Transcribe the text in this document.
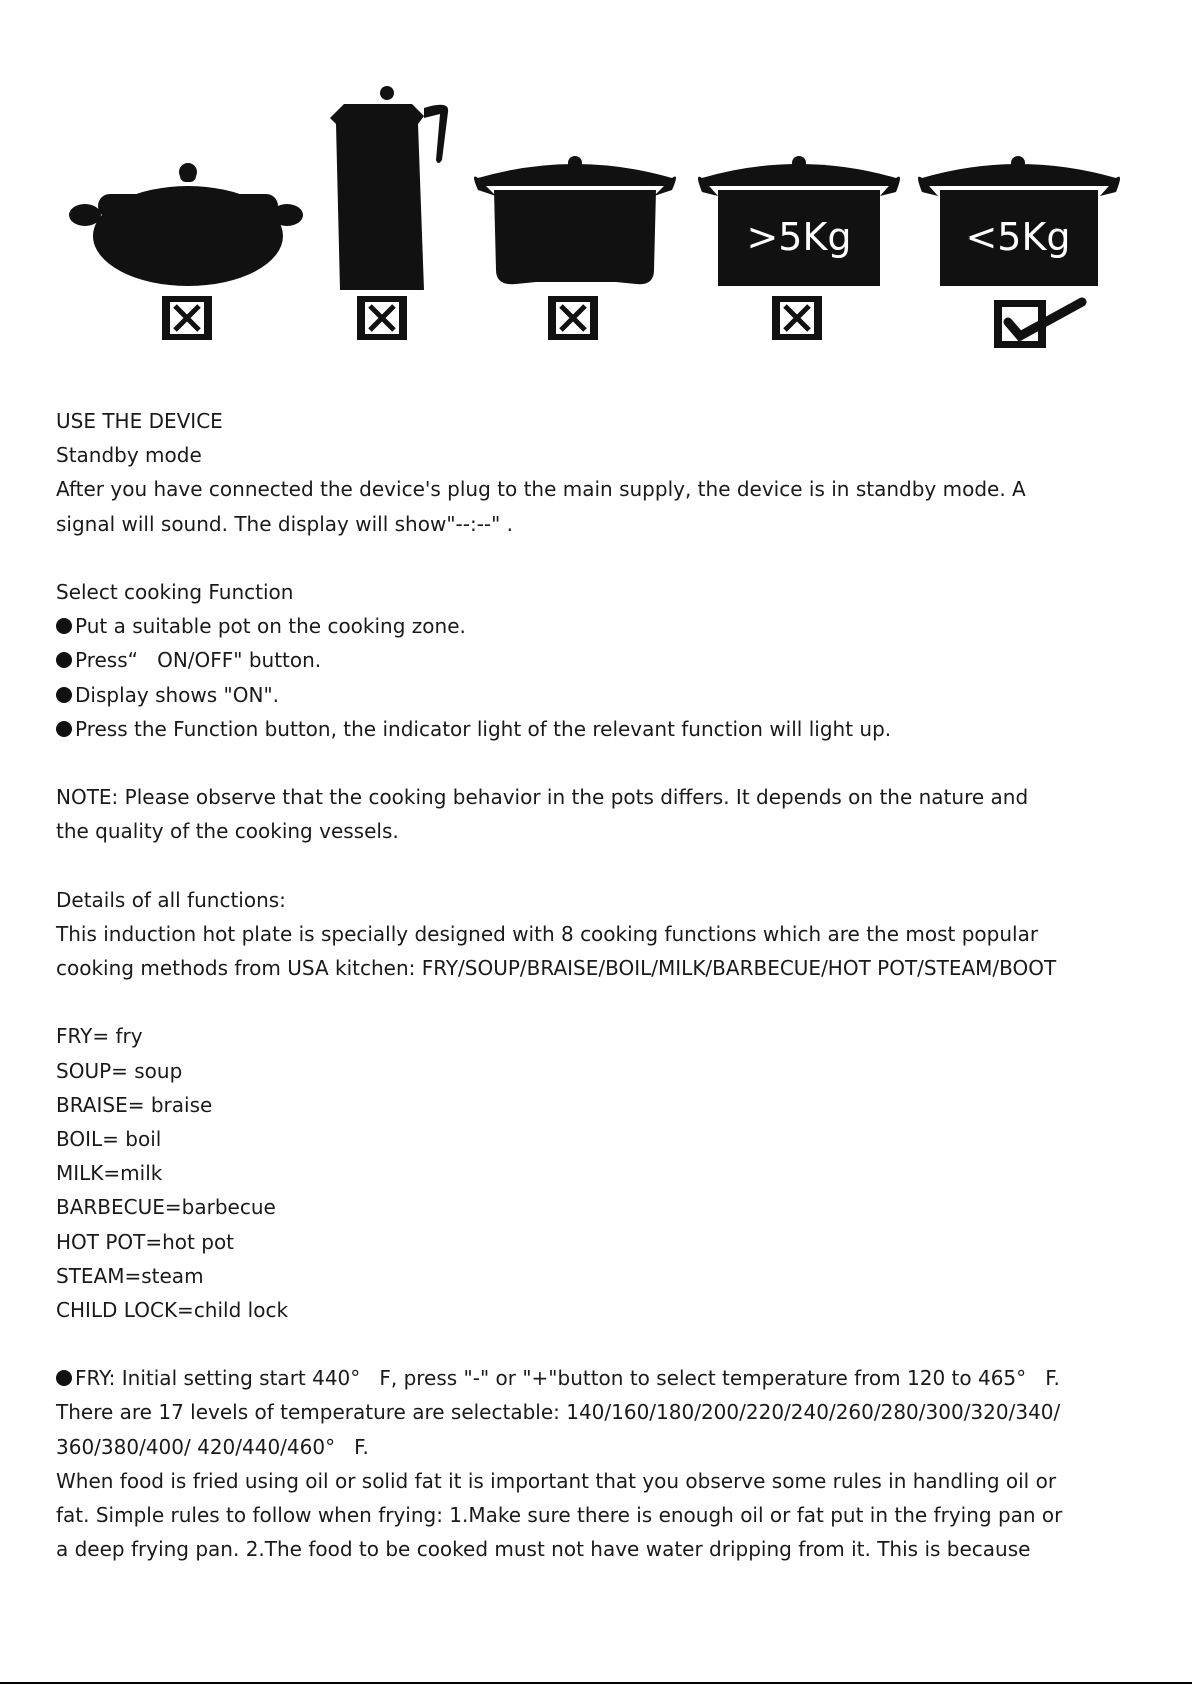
>5Kg	<5Kg
USE THE DEVICE
Standby mode
After you have connected the device's plug to the main supply, the device is in standby mode. A
signal will sound. The display will show"--:--" .
Select cooking Function
Put a suitable pot on the cooking zone.
Press“   ON/OFF" button.
Display shows "ON".
Press the Function button, the indicator light of the relevant function will light up.
NOTE: Please observe that the cooking behavior in the pots differs. It depends on the nature and
the quality of the cooking vessels.
Details of all functions:
This induction hot plate is specially designed with 8 cooking functions which are the most popular
cooking methods from USA kitchen: FRY/SOUP/BRAISE/BOIL/MILK/BARBECUE/HOT POT/STEAM/BOOT
FRY= fry
SOUP= soup
BRAISE= braise
BOIL= boil
MILK=milk
BARBECUE=barbecue
HOT POT=hot pot
STEAM=steam
CHILD LOCK=child lock
FRY: Initial setting start 440°   F, press "-" or "+"button to select temperature from 120 to 465°   F.
There are 17 levels of temperature are selectable: 140/160/180/200/220/240/260/280/300/320/340/
360/380/400/ 420/440/460°   F.
When food is fried using oil or solid fat it is important that you observe some rules in handling oil or
fat. Simple rules to follow when frying: 1.Make sure there is enough oil or fat put in the frying pan or
a deep frying pan. 2.The food to be cooked must not have water dripping from it. This is because
